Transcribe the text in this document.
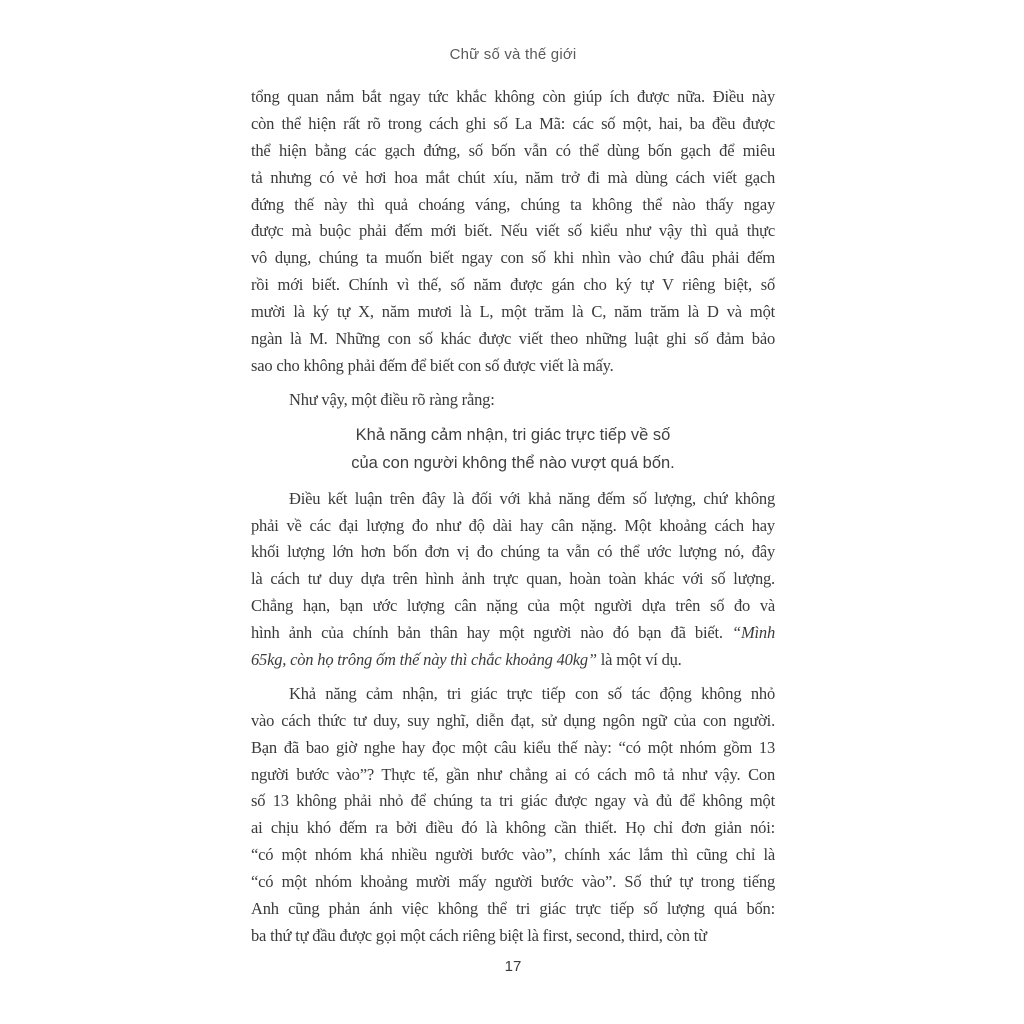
Chữ số và thế giới
tổng quan nắm bắt ngay tức khắc không còn giúp ích được nữa. Điều này
còn thể hiện rất rõ trong cách ghi số La Mã: các số một, hai, ba đều được
thể hiện bằng các gạch đứng, số bốn vẫn có thể dùng bốn gạch để miêu
tả nhưng có vẻ hơi hoa mắt chút xíu, năm trở đi mà dùng cách viết gạch
đứng thế này thì quả choáng váng, chúng ta không thể nào thấy ngay
được mà buộc phải đếm mới biết. Nếu viết số kiểu như vậy thì quả thực
vô dụng, chúng ta muốn biết ngay con số khi nhìn vào chứ đâu phải đếm
rồi mới biết. Chính vì thế, số năm được gán cho ký tự V riêng biệt, số
mười là ký tự X, năm mươi là L, một trăm là C, năm trăm là D và một
ngàn là M. Những con số khác được viết theo những luật ghi số đảm bảo
sao cho không phải đếm để biết con số được viết là mấy.
Như vậy, một điều rõ ràng rằng:
Khả năng cảm nhận, tri giác trực tiếp về số
của con người không thể nào vượt quá bốn.
Điều kết luận trên đây là đối với khả năng đếm số lượng, chứ không
phải về các đại lượng đo như độ dài hay cân nặng. Một khoảng cách hay
khối lượng lớn hơn bốn đơn vị đo chúng ta vẫn có thể ước lượng nó, đây
là cách tư duy dựa trên hình ảnh trực quan, hoàn toàn khác với số lượng.
Chẳng hạn, bạn ước lượng cân nặng của một người dựa trên số đo và
hình ảnh của chính bản thân hay một người nào đó bạn đã biết. “Mình
65kg, còn họ trông ốm thế này thì chắc khoảng 40kg” là một ví dụ.
Khả năng cảm nhận, tri giác trực tiếp con số tác động không nhỏ
vào cách thức tư duy, suy nghĩ, diễn đạt, sử dụng ngôn ngữ của con người.
Bạn đã bao giờ nghe hay đọc một câu kiểu thế này: “có một nhóm gồm 13
người bước vào”? Thực tế, gần như chẳng ai có cách mô tả như vậy. Con
số 13 không phải nhỏ để chúng ta tri giác được ngay và đủ để không một
ai chịu khó đếm ra bởi điều đó là không cần thiết. Họ chỉ đơn giản nói:
“có một nhóm khá nhiều người bước vào”, chính xác lắm thì cũng chỉ là
“có một nhóm khoảng mười mấy người bước vào”. Số thứ tự trong tiếng
Anh cũng phản ánh việc không thể tri giác trực tiếp số lượng quá bốn:
ba thứ tự đầu được gọi một cách riêng biệt là first, second, third, còn từ
17
